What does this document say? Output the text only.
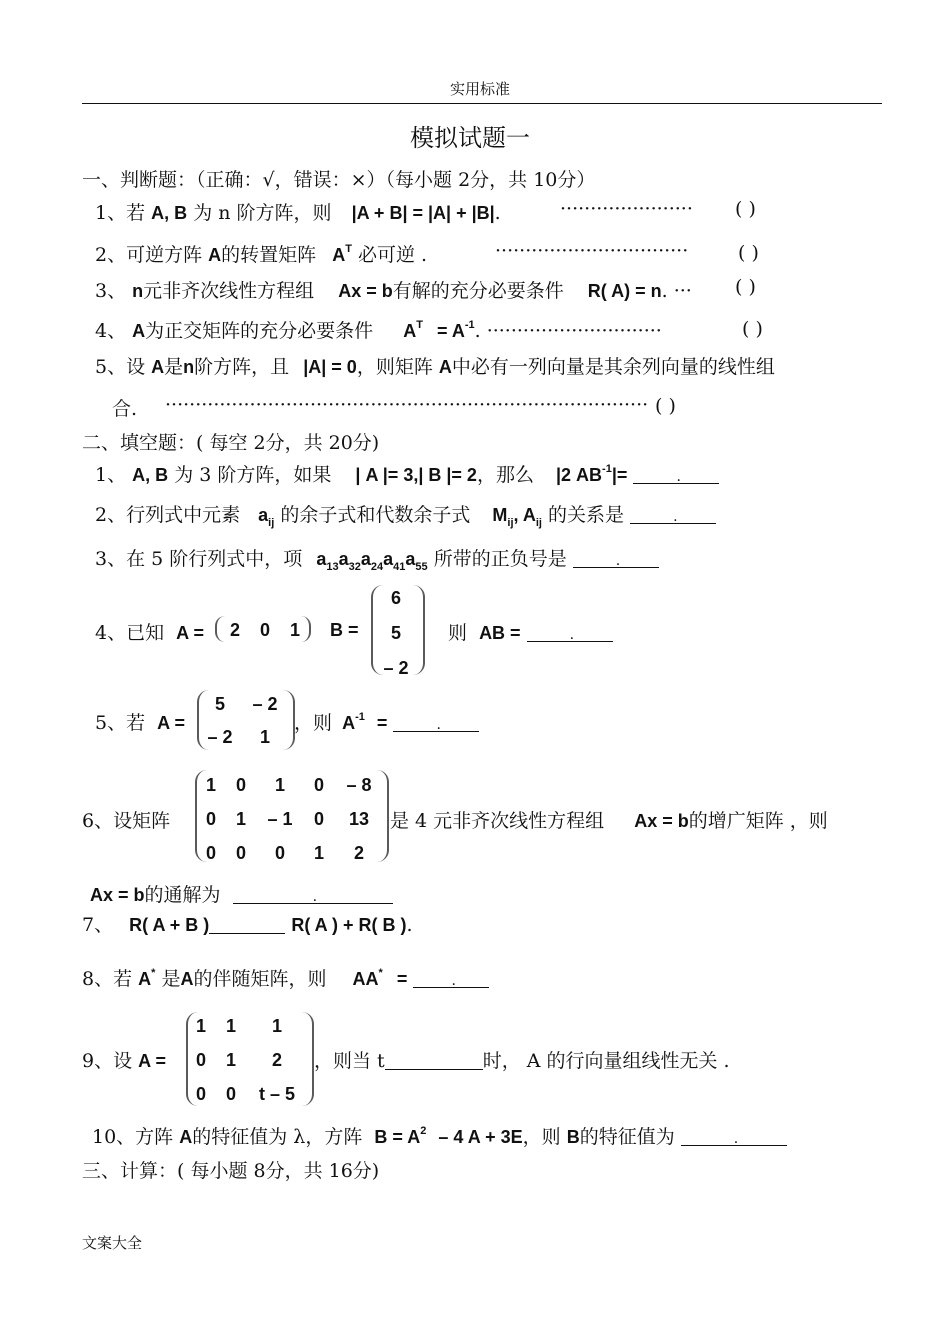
实用标准
模拟试题一
一、判断题：（正确：√，错误：×）（每小题 2分，共 10分）
1、若 A, B 为 n 阶方阵，则 |A + B| = |A| + |B|.	······················ ( )
2、可逆方阵 A的转置矩阵 $A^T$ 必可逆 .	································	( )
3、 n元非齐次线性方程组 Ax = b有解的充分必要条件 R( A) = n. ··· ( )
4、 A为正交矩阵的充分必要条件 $A^T = A^{-1}$. ·····························	( )
5、设 A是n阶方阵，且 |A| = 0，则矩阵 A中必有一列向量是其余列向量的线性组
合. ················································································ ( )
二、填空题：( 每空 2分，共 20分)
1、 A, B 为 3 阶方阵，如果 | A |= 3,| B |= 2，那么 |2 $AB^{-1}|=$	.
2、行列式中元素 $a_{ij}$ 的余子式和代数余子式 $M_{ij}$, $A_{ij}$ 的关系是	.
3、在 5 阶行列式中，项 $a_{13}a_{32}a_{24}a_{41}a_{55}$ 所带的正负号是	.
4、已知 A =	2	0	1	B =
6
5
– 2
则 AB =	.
5、若 A =
5	– 2
– 2	1
，则 $A^{-1}$ =	.
6、设矩阵
1	0	1	0	– 8
0	1	– 1	0	13
0	0	0	1	2
是 4 元非齐次线性方程组 Ax = b的增广矩阵 ，则
Ax = b的通解为	.
7、 R( A + B )	R( A ) + R( B ).
8、若 A* 是A的伴随矩阵，则 AA* =	.
9、设 A =
1	1	1
0	1	2
0	0	t – 5
，则当 t	时， A 的行向量组线性无关 .
10、方阵 A的特征值为 λ，方阵 $B = A^2 - 4$ A + 3E，则 B的特征值为	.
三、计算：( 每小题 8分，共 16分)
文案大全
